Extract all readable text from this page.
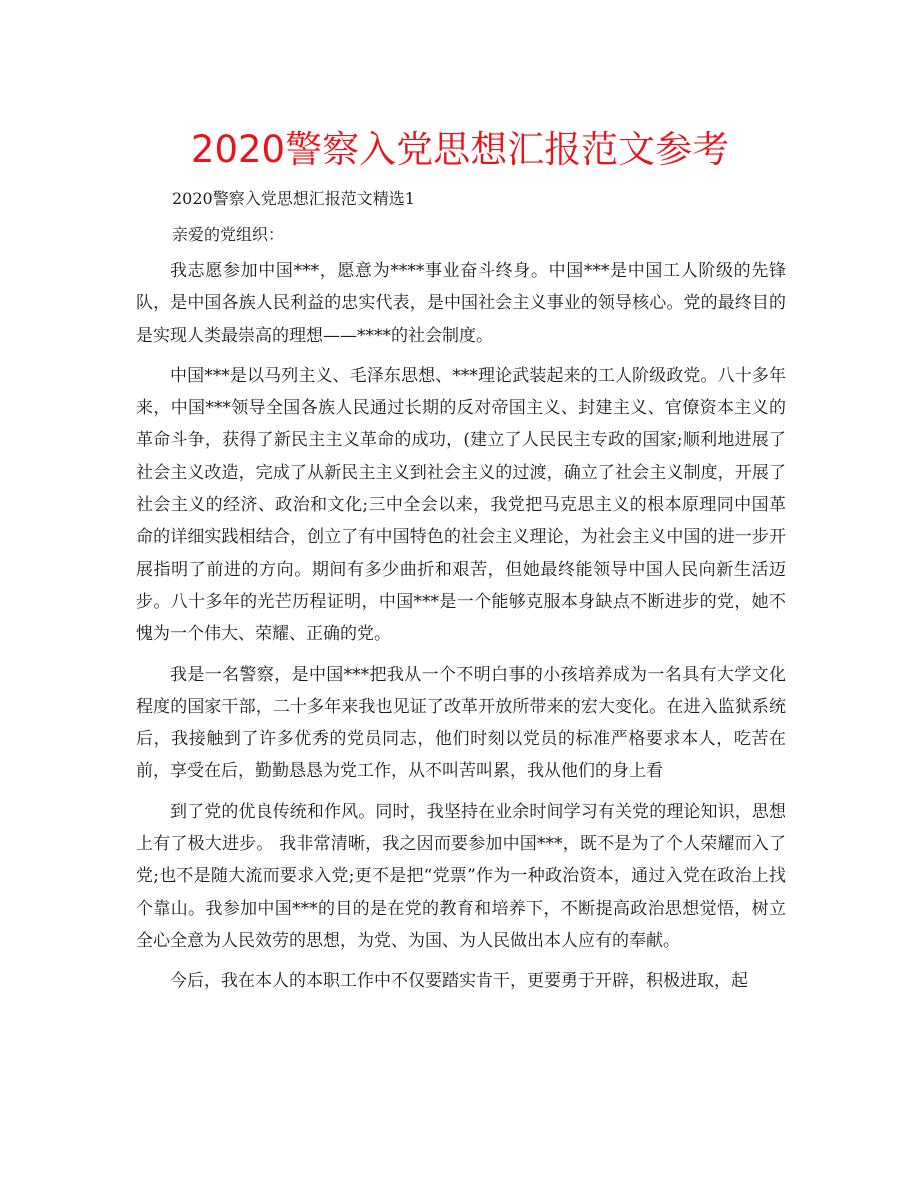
2020警察入党思想汇报范文参考

2020警察入党思想汇报范文精选1

亲爱的党组织：

我志愿参加中国***，愿意为****事业奋斗终身。中国***是中国工人阶级的先锋队，是中国各族人民利益的忠实代表，是中国社会主义事业的领导核心。党的最终目的是实现人类最崇高的理想——****的社会制度。

中国***是以马列主义、毛泽东思想、***理论武装起来的工人阶级政党。八十多年来，中国***领导全国各族人民通过长期的反对帝国主义、封建主义、官僚资本主义的革命斗争，获得了新民主主义革命的成功，(建立了人民民主专政的国家;顺利地进展了社会主义改造，完成了从新民主主义到社会主义的过渡，确立了社会主义制度，开展了社会主义的经济、政治和文化;三中全会以来，我党把马克思主义的根本原理同中国革命的详细实践相结合，创立了有中国特色的社会主义理论，为社会主义中国的进一步开展指明了前进的方向。期间有多少曲折和艰苦，但她最终能领导中国人民向新生活迈步。八十多年的光芒历程证明，中国***是一个能够克服本身缺点不断进步的党，她不愧为一个伟大、荣耀、正确的党。

我是一名警察，是中国***把我从一个不明白事的小孩培养成为一名具有大学文化程度的国家干部，二十多年来我也见证了改革开放所带来的宏大变化。在进入监狱系统后，我接触到了许多优秀的党员同志，他们时刻以党员的标准严格要求本人，吃苦在前，享受在后，勤勤恳恳为党工作，从不叫苦叫累，我从他们的身上看

到了党的优良传统和作风。同时，我坚持在业余时间学习有关党的理论知识，思想上有了极大进步。 我非常清晰，我之因而要参加中国***，既不是为了个人荣耀而入了党;也不是随大流而要求入党;更不是把“党票”作为一种政治资本，通过入党在政治上找个靠山。我参加中国***的目的是在党的教育和培养下，不断提高政治思想觉悟，树立全心全意为人民效劳的思想，为党、为国、为人民做出本人应有的奉献。

今后，我在本人的本职工作中不仅要踏实肯干，更要勇于开辟，积极进取，起
